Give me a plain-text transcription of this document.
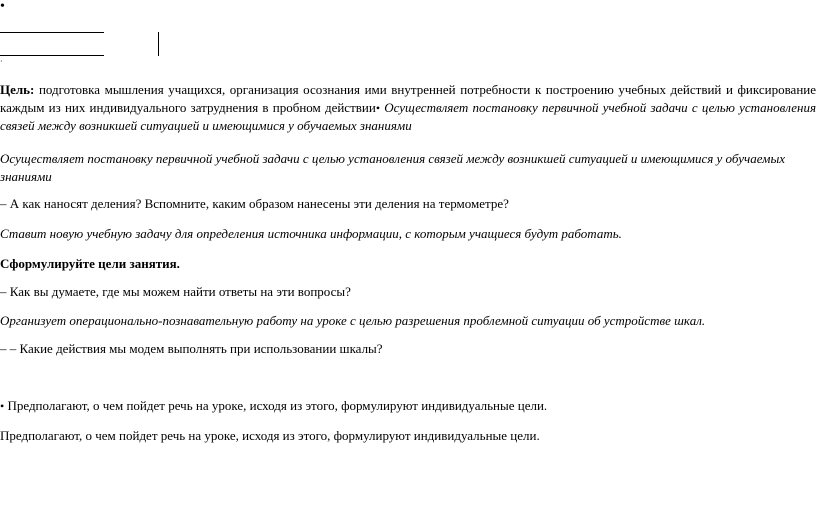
•
·
Цель: подготовка мышления учащихся, организация осознания ими внутренней потребности к построению учебных действий и фиксирование каждым из них индивидуального затруднения в пробном действии• Осуществляет постановку первичной учебной задачи с целью установления связей между возникшей ситуацией и имеющимися у обучаемых знаниями
Осуществляет постановку первичной учебной задачи с целью установления связей между возникшей ситуацией и имеющимися у обучаемых знаниями
– А как наносят деления? Вспомните, каким образом нанесены эти деления на термометре?
Ставит новую учебную задачу для определения источника информации, с которым учащиеся будут работать.
Сформулируйте цели занятия.
– Как вы думаете, где мы можем найти ответы на эти вопросы?
Организует операционально-познавательную работу на уроке с целью разрешения проблемной ситуации об устройстве шкал.
– – Какие действия мы модем выполнять при использовании шкалы?
• Предполагают, о чем пойдет речь на уроке, исходя из этого, формулируют индивидуальные цели.
Предполагают, о чем пойдет речь на уроке, исходя из этого, формулируют индивидуальные цели.
